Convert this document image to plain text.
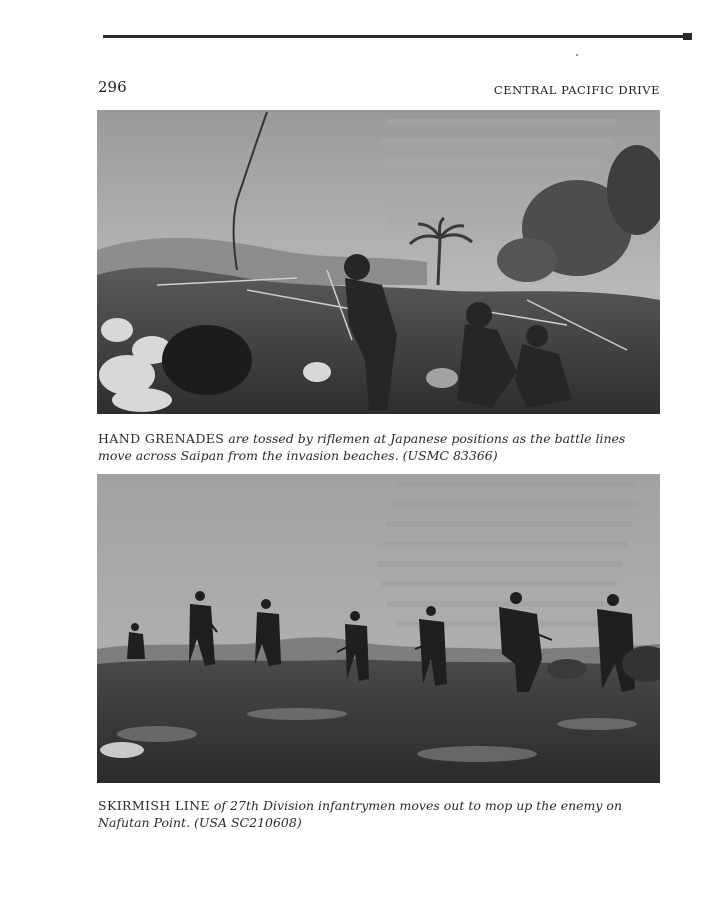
296	CENTRAL PACIFIC DRIVE
HAND GRENADES are tossed by riflemen at Japanese positions as the battle lines move across Saipan from the invasion beaches. (USMC 83366)
SKIRMISH LINE of 27th Division infantrymen moves out to mop up the enemy on Nafutan Point. (USA SC210608)
